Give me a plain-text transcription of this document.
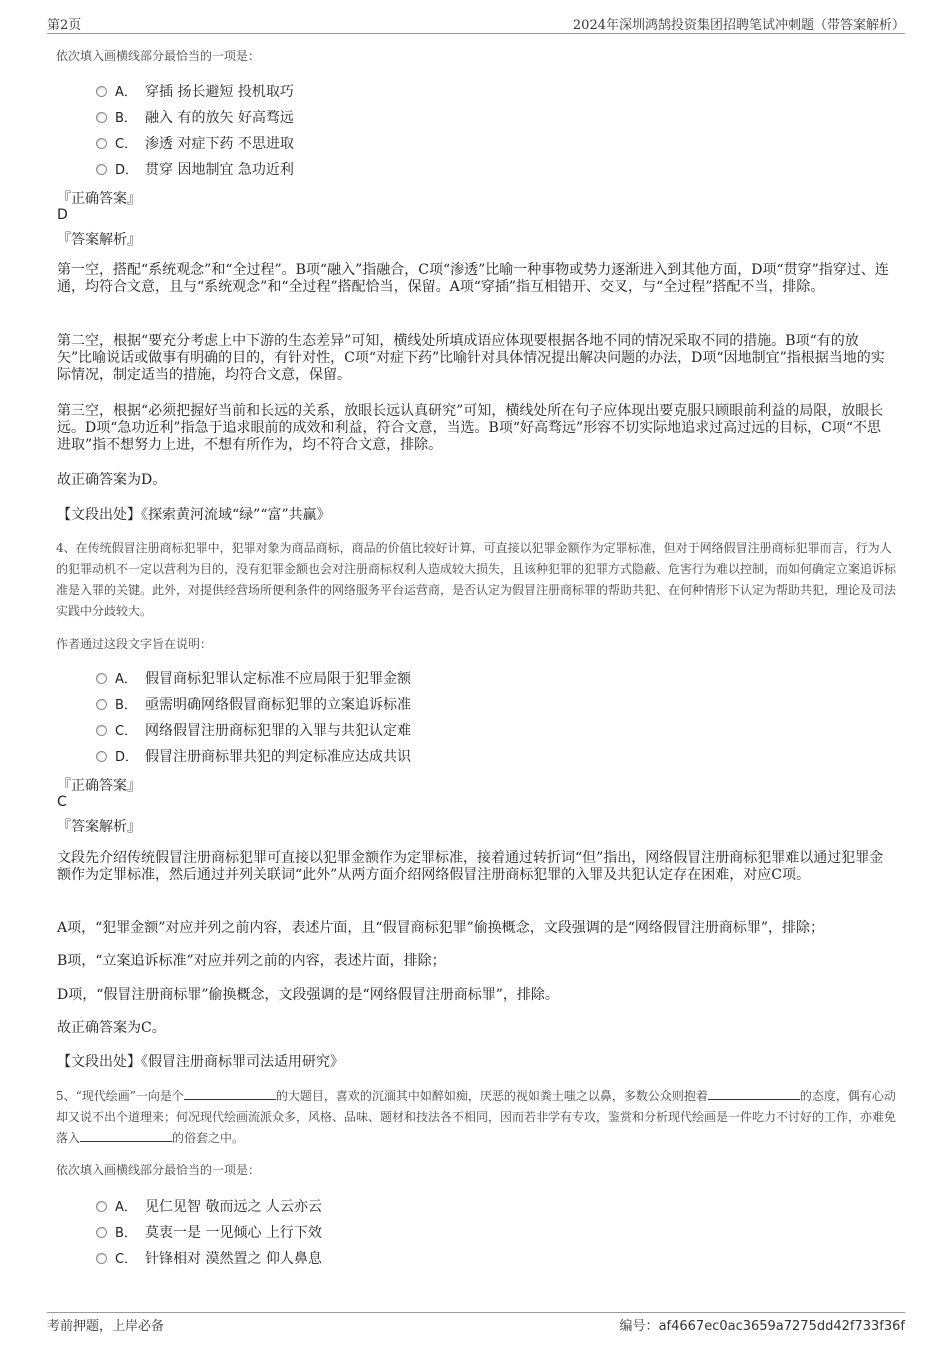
第2页	2024年深圳鸿鹄投资集团招聘笔试冲刺题（带答案解析）
依次填入画横线部分最恰当的一项是：
A． 穿插 扬长避短 投机取巧
B． 融入 有的放矢 好高骛远
C． 渗透 对症下药 不思进取
D． 贯穿 因地制宜 急功近利
『正确答案』
D
『答案解析』
第一空，搭配“系统观念”和“全过程”。B项“融入”指融合，C项“渗透”比喻一种事物或势力逐渐进入到其他方面，D项“贯穿”指穿过、连通，均符合文意，且与“系统观念”和“全过程”搭配恰当，保留。A项“穿插”指互相错开、交叉，与“全过程”搭配不当，排除。
第二空，根据“要充分考虑上中下游的生态差异”可知，横线处所填成语应体现要根据各地不同的情况采取不同的措施。B项“有的放矢”比喻说话或做事有明确的目的，有针对性，C项“对症下药”比喻针对具体情况提出解决问题的办法，D项“因地制宜”指根据当地的实际情况，制定适当的措施，均符合文意，保留。
第三空，根据“必须把握好当前和长远的关系，放眼长远认真研究”可知，横线处所在句子应体现出要克服只顾眼前利益的局限，放眼长远。D项“急功近利”指急于追求眼前的成效和利益，符合文意，当选。B项“好高骛远”形容不切实际地追求过高过远的目标，C项“不思进取”指不想努力上进，不想有所作为，均不符合文意，排除。
故正确答案为D。
【文段出处】《探索黄河流域“绿”“富”共赢》
4、在传统假冒注册商标犯罪中，犯罪对象为商品商标，商品的价值比较好计算，可直接以犯罪金额作为定罪标准，但对于网络假冒注册商标犯罪而言，行为人的犯罪动机不一定以营利为目的，没有犯罪金额也会对注册商标权利人造成较大损失，且该种犯罪的犯罪方式隐蔽、危害行为难以控制，而如何确定立案追诉标准是入罪的关键。此外，对提供经营场所便利条件的网络服务平台运营商，是否认定为假冒注册商标罪的帮助共犯、在何种情形下认定为帮助共犯，理论及司法实践中分歧较大。
作者通过这段文字旨在说明：
A． 假冒商标犯罪认定标准不应局限于犯罪金额
B． 亟需明确网络假冒商标犯罪的立案追诉标准
C． 网络假冒注册商标犯罪的入罪与共犯认定难
D． 假冒注册商标罪共犯的判定标准应达成共识
『正确答案』
C
『答案解析』
文段先介绍传统假冒注册商标犯罪可直接以犯罪金额作为定罪标准，接着通过转折词“但”指出，网络假冒注册商标犯罪难以通过犯罪金额作为定罪标准，然后通过并列关联词“此外”从两方面介绍网络假冒注册商标犯罪的入罪及共犯认定存在困难，对应C项。
A项，“犯罪金额”对应并列之前内容，表述片面，且“假冒商标犯罪”偷换概念，文段强调的是“网络假冒注册商标罪”，排除；
B项，“立案追诉标准”对应并列之前的内容，表述片面，排除；
D项，“假冒注册商标罪”偷换概念，文段强调的是“网络假冒注册商标罪”，排除。
故正确答案为C。
【文段出处】《假冒注册商标罪司法适用研究》
5、“现代绘画”一向是个	的大题目，喜欢的沉湎其中如醉如痴，厌恶的视如粪土嗤之以鼻，多数公众则抱着	的态度，偶有心动却又说不出个道理来；何况现代绘画流派众多，风格、品味、题材和技法各不相同，因而若非学有专攻，鉴赏和分析现代绘画是一件吃力不讨好的工作，亦难免落入	的俗套之中。
依次填入画横线部分最恰当的一项是：
A． 见仁见智 敬而远之 人云亦云
B． 莫衷一是 一见倾心 上行下效
C． 针锋相对 漠然置之 仰人鼻息
考前押题，上岸必备	编号：af4667ec0ac3659a7275dd42f733f36f
